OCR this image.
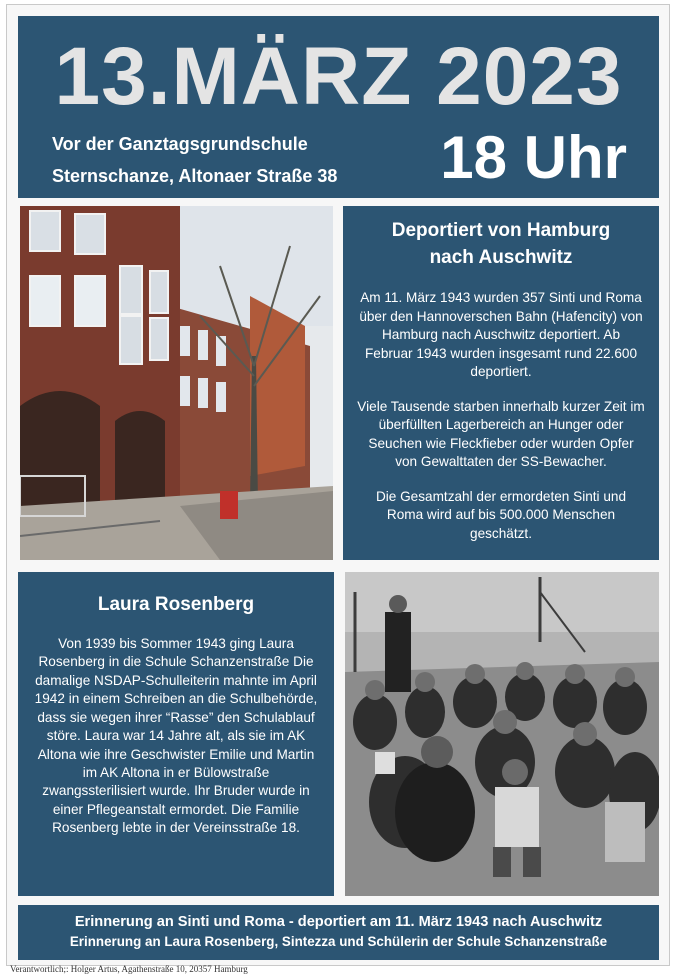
13.MÄRZ 2023
Vor der Ganztagsgrundschule
Sternschanze, Altonaer Straße 38 18 Uhr
Deportiert von Hamburg
nach Auschwitz

Am 11. März 1943 wurden 357 Sinti und Roma über den Hannoverschen Bahn (Hafencity) von Hamburg nach Auschwitz deportiert. Ab Februar 1943 wurden insgesamt rund 22.600 deportiert.

Viele Tausende starben innerhalb kurzer Zeit im überfüllten Lagerbereich an Hunger oder Seuchen wie Fleckfieber oder wurden Opfer von Gewalttaten der SS-Bewacher.

Die Gesamtzahl der ermordeten Sinti und Roma wird auf bis 500.000 Menschen geschätzt.

Laura Rosenberg

Von 1939 bis Sommer 1943 ging Laura Rosenberg in die Schule Schanzenstraße Die damalige NSDAP-Schulleiterin mahnte im April 1942 in einem Schreiben an die Schulbehörde, dass sie wegen ihrer “Rasse” den Schulablauf störe. Laura war 14 Jahre alt, als sie im AK Altona wie ihre Geschwister Emilie und Martin im AK Altona in er Bülowstraße zwangssterilisiert wurde. Ihr Bruder wurde in einer Pflegeanstalt ermordet. Die Familie Rosenberg lebte in der Vereinsstraße 18.

Erinnerung an Sinti und Roma - deportiert am 11. März 1943 nach Auschwitz
Erinnerung an Laura Rosenberg, Sintezza und Schülerin der Schule Schanzenstraße
Verantwortlich;: Holger Artus, Agathenstraße 10, 20357 Hamburg
